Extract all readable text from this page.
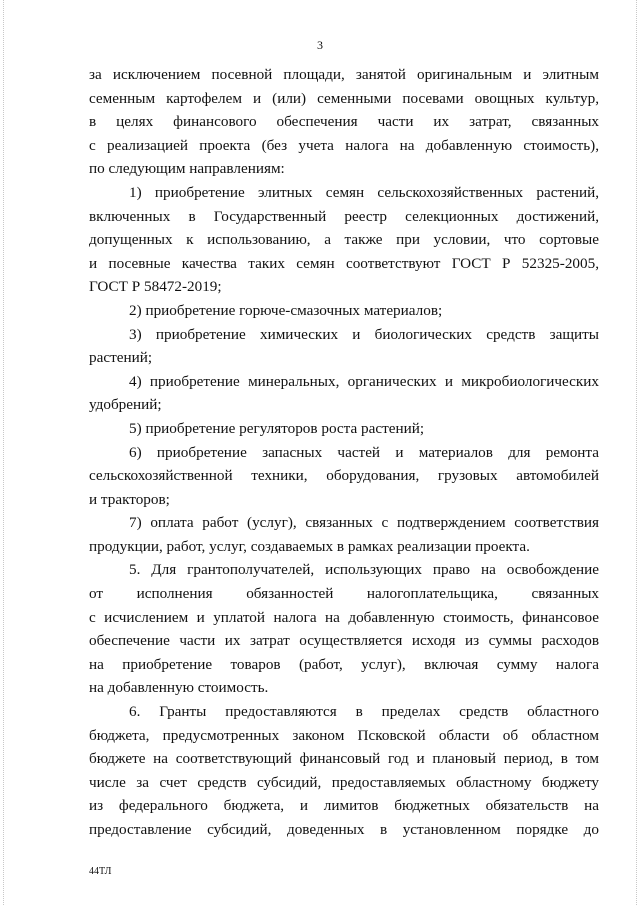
3
за исключением посевной площади, занятой оригинальным и элитным
семенным картофелем и (или) семенными посевами овощных культур,
в целях финансового обеспечения части их затрат, связанных
с реализацией проекта (без учета налога на добавленную стоимость),
по следующим направлениям:
1) приобретение элитных семян сельскохозяйственных растений,
включенных в Государственный реестр селекционных достижений,
допущенных к использованию, а также при условии, что сортовые
и посевные качества таких семян соответствуют ГОСТ Р 52325-2005,
ГОСТ Р 58472-2019;
2) приобретение горюче-смазочных материалов;
3) приобретение химических и биологических средств защиты
растений;
4) приобретение минеральных, органических и микробиологических
удобрений;
5) приобретение регуляторов роста растений;
6) приобретение запасных частей и материалов для ремонта
сельскохозяйственной техники, оборудования, грузовых автомобилей
и тракторов;
7) оплата работ (услуг), связанных с подтверждением соответствия
продукции, работ, услуг, создаваемых в рамках реализации проекта.
5. Для грантополучателей, использующих право на освобождение
от исполнения обязанностей налогоплательщика, связанных
с исчислением и уплатой налога на добавленную стоимость, финансовое
обеспечение части их затрат осуществляется исходя из суммы расходов
на приобретение товаров (работ, услуг), включая сумму налога
на добавленную стоимость.
6. Гранты предоставляются в пределах средств областного
бюджета, предусмотренных законом Псковской области об областном
бюджете на соответствующий финансовый год и плановый период, в том
числе за счет средств субсидий, предоставляемых областному бюджету
из федерального бюджета, и лимитов бюджетных обязательств на
предоставление субсидий, доведенных в установленном порядке до
44ТЛ
